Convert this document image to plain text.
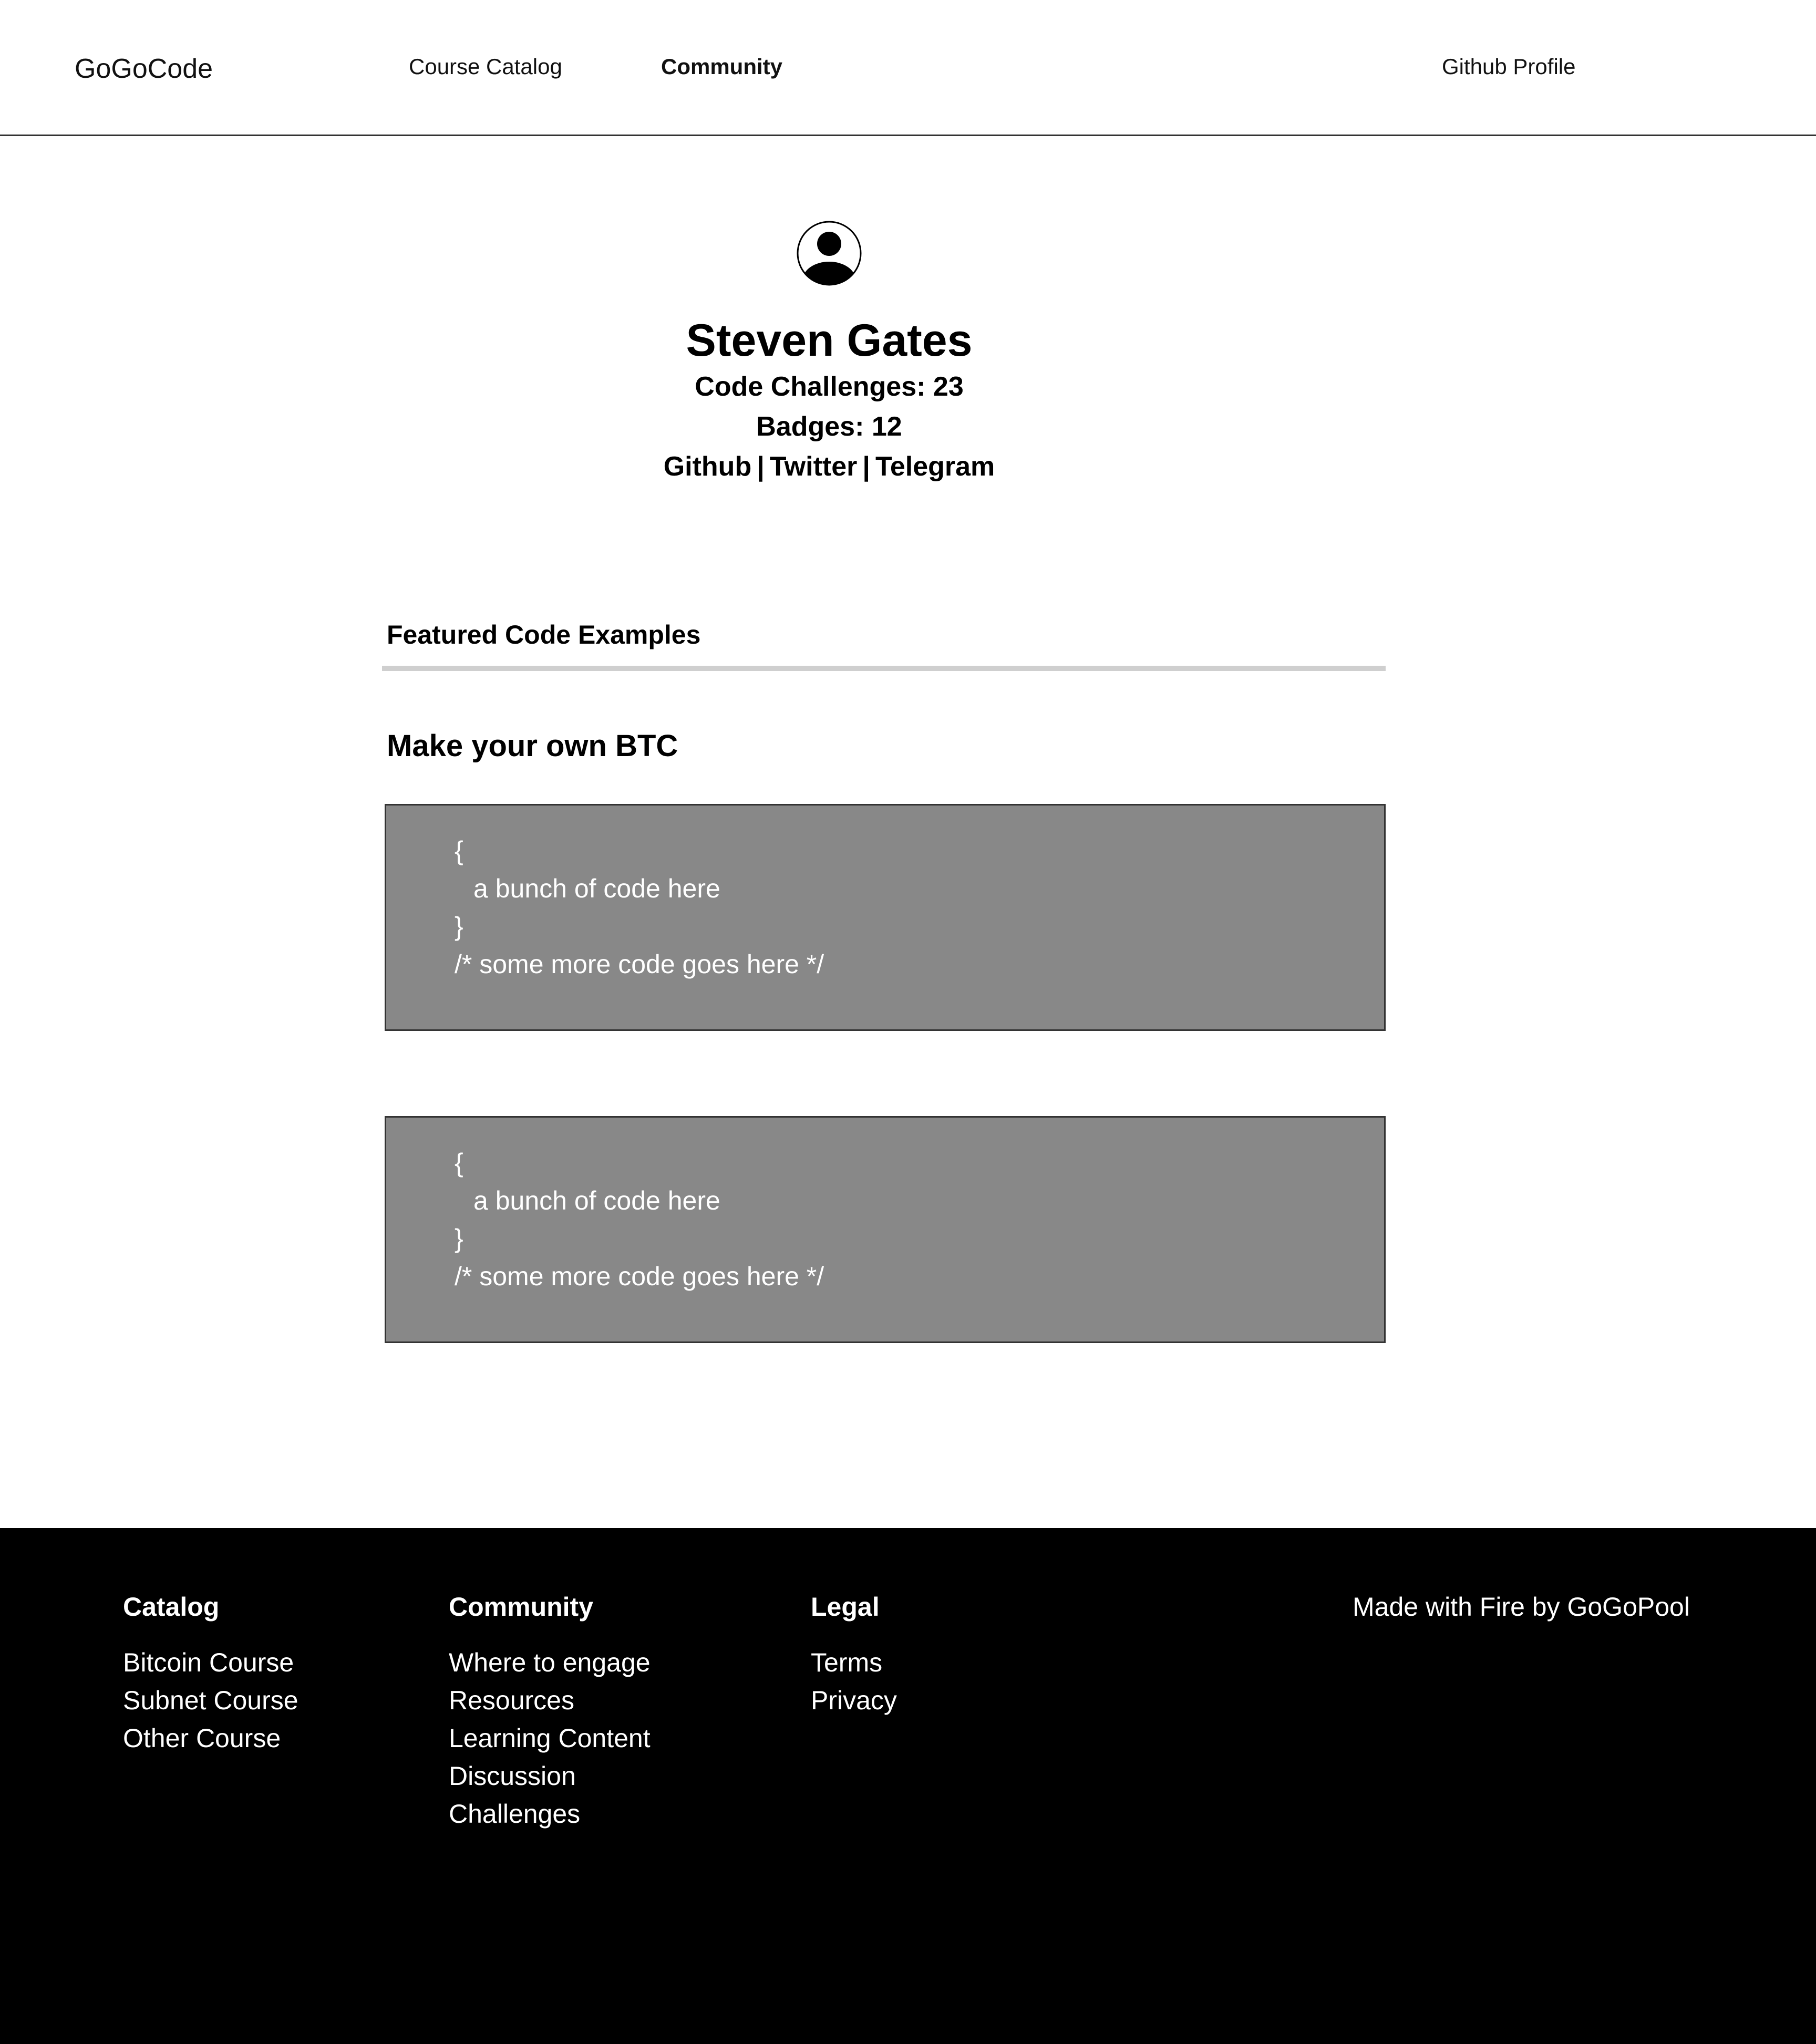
GoGoCode	Course Catalog	Community	Github Profile
Steven Gates
Code Challenges: 23
Badges: 12
Github | Twitter | Telegram
Featured Code Examples
Make your own BTC
{
a bunch of code here
}
/* some more code goes here */
{
a bunch of code here
}
/* some more code goes here */
Catalog
Bitcoin Course
Subnet Course
Other Course
Community
Where to engage
Resources
Learning Content
Discussion
Challenges
Legal
Terms
Privacy
Made with Fire by GoGoPool
